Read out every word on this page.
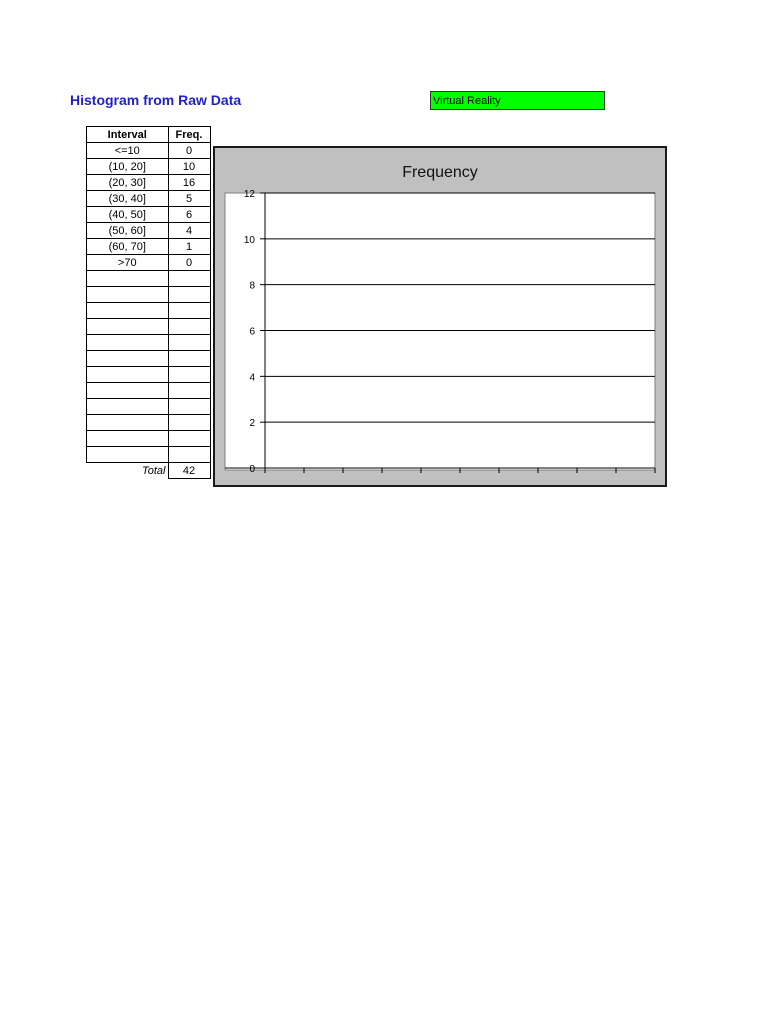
Histogram from Raw Data	Virtual Reality
Interval	Freq.
<=10	0
(10, 20]	10
(20, 30]	16
(30, 40]	5
(40, 50]	6
(50, 60]	4
(60, 70]	1
>70	0

Total	42
Frequency
0
2
4
6
8
10
12
